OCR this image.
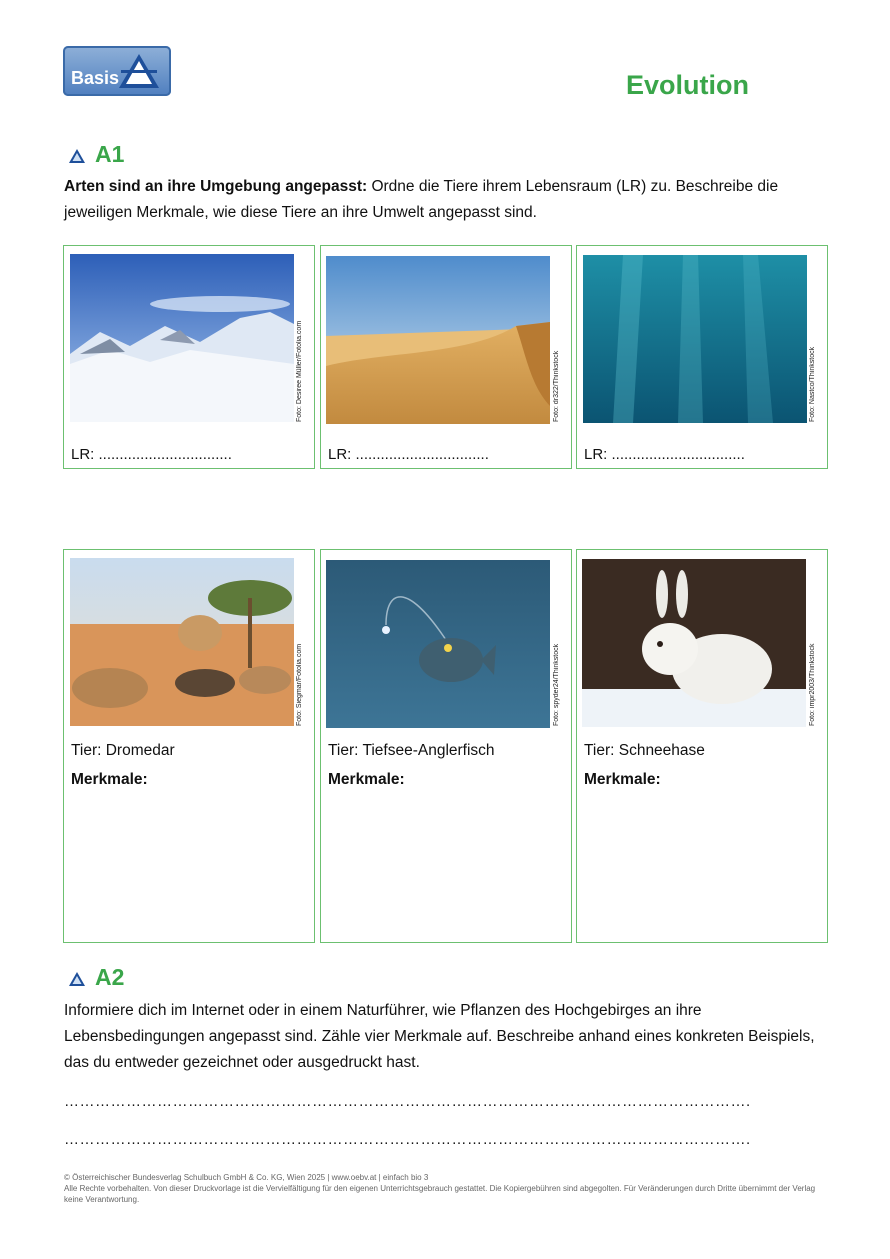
Basis	Evolution
A1
Arten sind an ihre Umgebung angepasst: Ordne die Tiere ihrem Lebensraum (LR) zu. Beschreibe die jeweiligen Merkmale, wie diese Tiere an ihre Umwelt angepasst sind.
Foto: Desiree Müller/Fotolia.com
LR: ................................
Foto: dr322/Thinkstock
LR: ................................
Foto: Nastco/Thinkstock
LR: ................................
Foto: Siegmar/Fotolia.com
Tier: Dromedar
Merkmale:
Foto: spyder24/Thinkstock
Tier: Tiefsee-Anglerfisch
Merkmale:
Foto: impr2003/Thinkstock
Tier: Schneehase
Merkmale:
A2
Informiere dich im Internet oder in einem Naturführer, wie Pflanzen des Hochgebirges an ihre Lebensbedingungen angepasst sind. Zähle vier Merkmale auf. Beschreibe anhand eines konkreten Beispiels, das du entweder gezeichnet oder ausgedruckt hast.
…………………………………………………………………………………………………………………….
…………………………………………………………………………………………………………………….
© Österreichischer Bundesverlag Schulbuch GmbH & Co. KG, Wien 2025 | www.oebv.at | einfach bio 3
Alle Rechte vorbehalten. Von dieser Druckvorlage ist die Vervielfältigung für den eigenen Unterrichtsgebrauch gestattet. Die Kopiergebühren sind abgegolten. Für Veränderungen durch Dritte übernimmt der Verlag keine Verantwortung.
